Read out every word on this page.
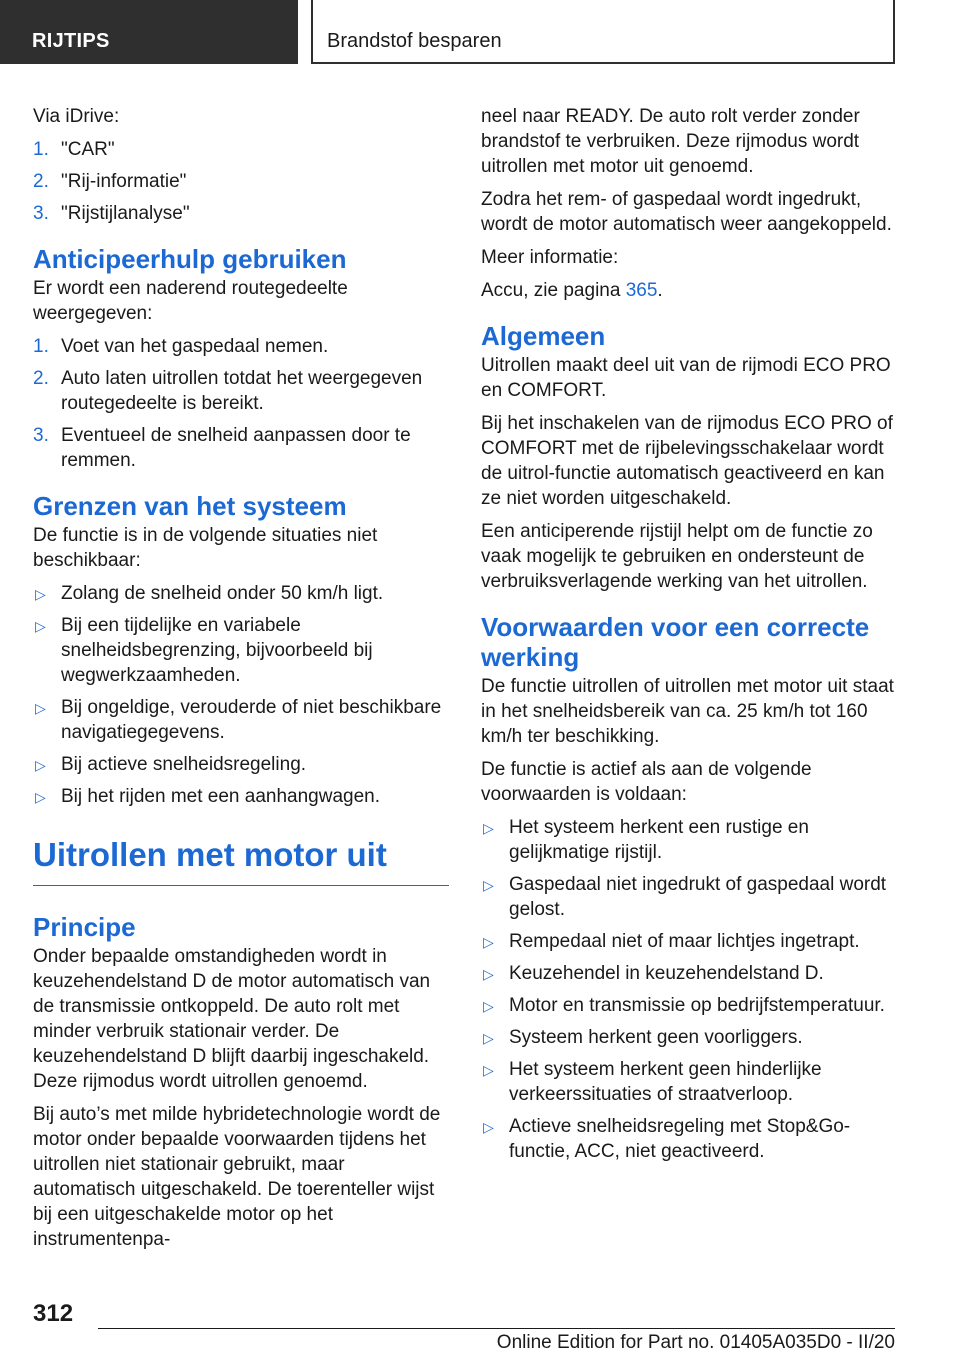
RIJTIPS	Brandstof besparen

Via iDrive:

1. "CAR"
2. "Rij-informatie"
3. "Rijstijlanalyse"
Anticipeerhulp gebruiken

Er wordt een naderend routegedeelte weergegeven:

1. Voet van het gaspedaal nemen.
2. Auto laten uitrollen totdat het weergegeven routegedeelte is bereikt.
3. Eventueel de snelheid aanpassen door te remmen.
Grenzen van het systeem

De functie is in de volgende situaties niet beschikbaar:

▷ Zolang de snelheid onder 50 km/h ligt.
▷ Bij een tijdelijke en variabele snelheidsbegrenzing, bijvoorbeeld bij wegwerkzaamheden.
▷ Bij ongeldige, verouderde of niet beschikbare navigatiegegevens.
▷ Bij actieve snelheidsregeling.
▷ Bij het rijden met een aanhangwagen.
Uitrollen met motor uit
Principe

Onder bepaalde omstandigheden wordt in keuzehendelstand D de motor automatisch van de transmissie ontkoppeld. De auto rolt met minder verbruik stationair verder. De keuzehendelstand D blijft daarbij ingeschakeld. Deze rijmodus wordt uitrollen genoemd.

Bij auto’s met milde hybridetechnologie wordt de motor onder bepaalde voorwaarden tijdens het uitrollen niet stationair gebruikt, maar automatisch uitgeschakeld. De toerenteller wijst bij een uitgeschakelde motor op het instrumentenpa-

neel naar READY. De auto rolt verder zonder brandstof te verbruiken. Deze rijmodus wordt uitrollen met motor uit genoemd.

Zodra het rem- of gaspedaal wordt ingedrukt, wordt de motor automatisch weer aangekoppeld.

Meer informatie:

Accu, zie pagina 365.

Algemeen

Uitrollen maakt deel uit van de rijmodi ECO PRO en COMFORT.

Bij het inschakelen van de rijmodus ECO PRO of COMFORT met de rijbelevingsschakelaar wordt de uitrol-functie automatisch geactiveerd en kan ze niet worden uitgeschakeld.

Een anticiperende rijstijl helpt om de functie zo vaak mogelijk te gebruiken en ondersteunt de verbruiksverlagende werking van het uitrollen.

Voorwaarden voor een correcte werking

De functie uitrollen of uitrollen met motor uit staat in het snelheidsbereik van ca. 25 km/h tot 160 km/h ter beschikking.

De functie is actief als aan de volgende voorwaarden is voldaan:

▷ Het systeem herkent een rustige en gelijkmatige rijstijl.
▷ Gaspedaal niet ingedrukt of gaspedaal wordt gelost.
▷ Rempedaal niet of maar lichtjes ingetrapt.
▷ Keuzehendel in keuzehendelstand D.
▷ Motor en transmissie op bedrijfstemperatuur.
▷ Systeem herkent geen voorliggers.
▷ Het systeem herkent geen hinderlijke verkeerssituaties of straatverloop.
▷ Actieve snelheidsregeling met Stop&Go-functie, ACC, niet geactiveerd.
312
Online Edition for Part no. 01405A035D0 - II/20
